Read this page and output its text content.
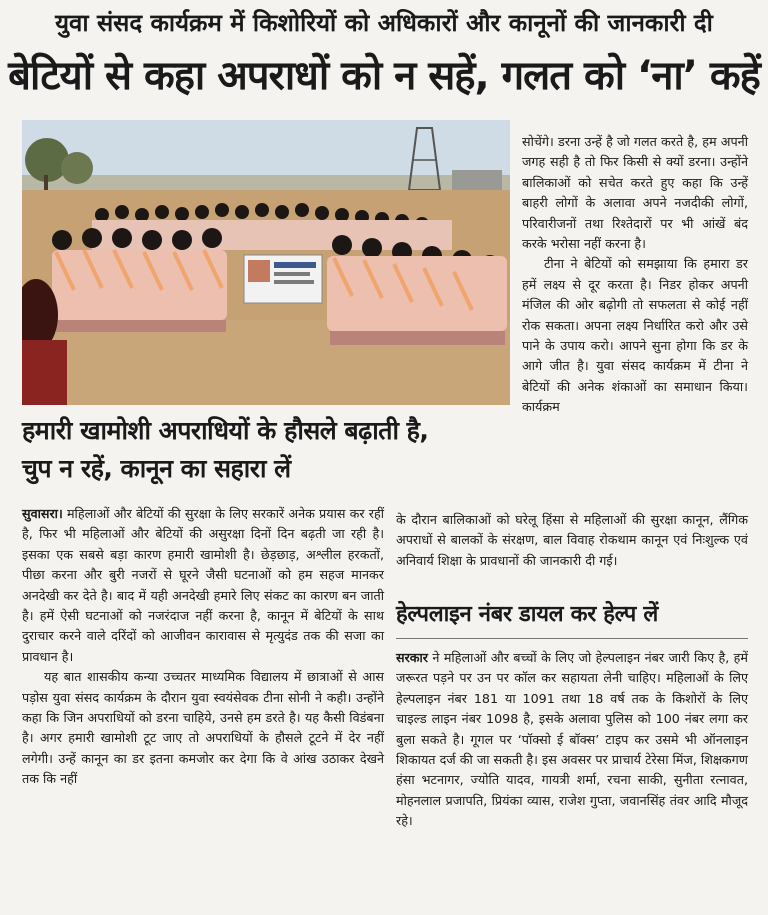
युवा संसद कार्यक्रम में किशोरियों को अधिकारों और कानूनों की जानकारी दी
बेटियों से कहा अपराधों को न सहें, गलत को ‘ना’ कहें
हमारी खामोशी अपराधियों के हौसले बढ़ाती है,
चुप न रहें, कानून का सहारा लें

सोचेंगे। डरना उन्हें है जो गलत करते है, हम अपनी जगह सही है तो फिर किसी से क्यों डरना। उन्होंने बालिकाओं को सचेत करते हुए कहा कि उन्हें बाहरी लोगों के अलावा अपने नजदीकी लोगों, परिवारीजनों तथा रिश्तेदारों पर भी आंखें बंद करके भरोसा नहीं करना है।

टीना ने बेटियों को समझाया कि हमारा डर हमें लक्ष्य से दूर करता है। निडर होकर अपनी मंजिल की ओर बढ़ोगी तो सफलता से कोई नहीं रोक सकता। अपना लक्ष्य निर्धारित करो और उसे पाने के उपाय करो। आपने सुना होगा कि डर के आगे जीत है। युवा संसद कार्यक्रम में टीना ने बेटियों की अनेक शंकाओं का समाधान किया। कार्यक्रम

सुवासरा। महिलाओं और बेटियों की सुरक्षा के लिए सरकारें अनेक प्रयास कर रहीं है, फिर भी महिलाओं और बेटियों की असुरक्षा दिनों दिन बढ़ती जा रही है। इसका एक सबसे बड़ा कारण हमारी खामोशी है। छेड़छाड़, अश्लील हरकतों, पीछा करना और बुरी नजरों से घूरने जैसी घटनाओं को हम सहज मानकर अनदेखी कर देते है। बाद में यही अनदेखी हमारे लिए संकट का कारण बन जाती है। हमें ऐसी घटनाओं को नजरंदाज नहीं करना है, कानून में बेटियों के साथ दुराचार करने वाले दरिंदों को आजीवन कारावास से मृत्युदंड तक की सजा का प्रावधान है।

यह बात शासकीय कन्या उच्चतर माध्यमिक विद्यालय में छात्राओं से आस पड़ोस युवा संसद कार्यक्रम के दौरान युवा स्वयंसेवक टीना सोनी ने कही। उन्होंने कहा कि जिन अपराधियों को डरना चाहिये, उनसे हम डरते है। यह कैसी विडंबना है। अगर हमारी खामोशी टूट जाए तो अपराधियों के हौसले टूटने में देर नहीं लगेगी। उन्हें कानून का डर इतना कमजोर कर देगा कि वे आंख उठाकर देखने तक कि नहीं

के दौरान बालिकाओं को घरेलू हिंसा से महिलाओं की सुरक्षा कानून, लैंगिक अपराधों से बालकों के संरक्षण, बाल विवाह रोकथाम कानून एवं निःशुल्क एवं अनिवार्य शिक्षा के प्रावधानों की जानकारी दी गई।

हेल्पलाइन नंबर डायल कर हेल्प लें

सरकार ने महिलाओं और बच्चों के लिए जो हेल्पलाइन नंबर जारी किए है, हमें जरूरत पड़ने पर उन पर कॉल कर सहायता लेनी चाहिए। महिलाओं के लिए हेल्पलाइन नंबर 181 या 1091 तथा 18 वर्ष तक के किशोरों के लिए चाइल्ड लाइन नंबर 1098 है, इसके अलावा पुलिस को 100 नंबर लगा कर बुला सकते है। गूगल पर ‘पॉक्सो ई बॉक्स’ टाइप कर उसमे भी ऑनलाइन शिकायत दर्ज की जा सकती है। इस अवसर पर प्राचार्य टेरेसा मिंज, शिक्षकगण हंसा भटनागर, ज्योति यादव, गायत्री शर्मा, रचना साकी, सुनीता रत्नावत, मोहनलाल प्रजापति, प्रियंका व्यास, राजेश गुप्ता, जवानसिंह तंवर आदि मौजूद रहे।
